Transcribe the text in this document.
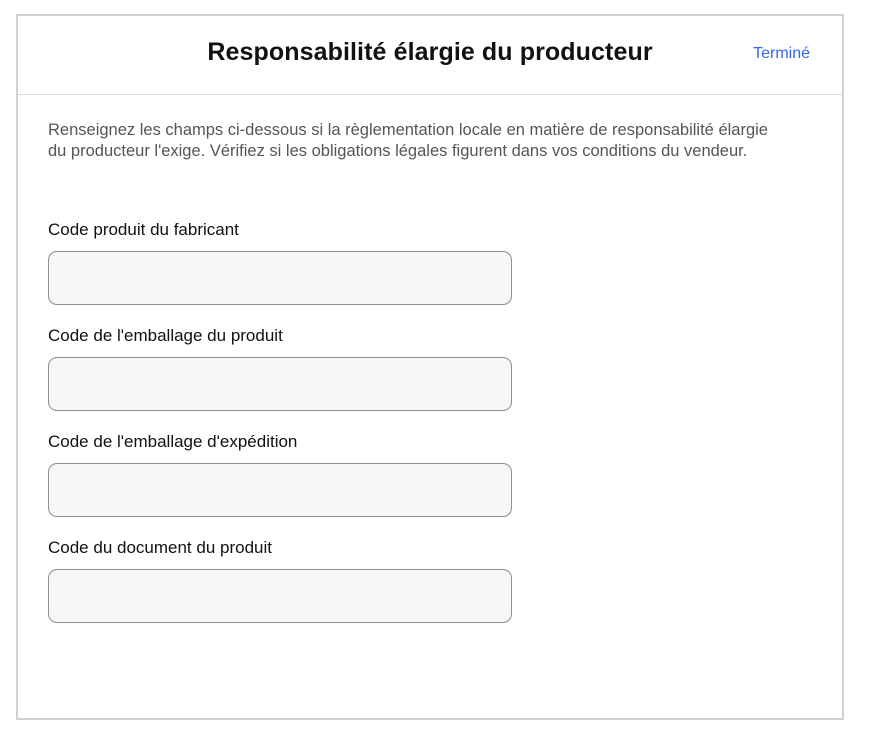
Responsabilité élargie du producteur	Terminé

Renseignez les champs ci-dessous si la règlementation locale en matière de responsabilité élargie du producteur l'exige. Vérifiez si les obligations légales figurent dans vos conditions du vendeur.

Code produit du fabricant
Code de l'emballage du produit
Code de l'emballage d'expédition
Code du document du produit
